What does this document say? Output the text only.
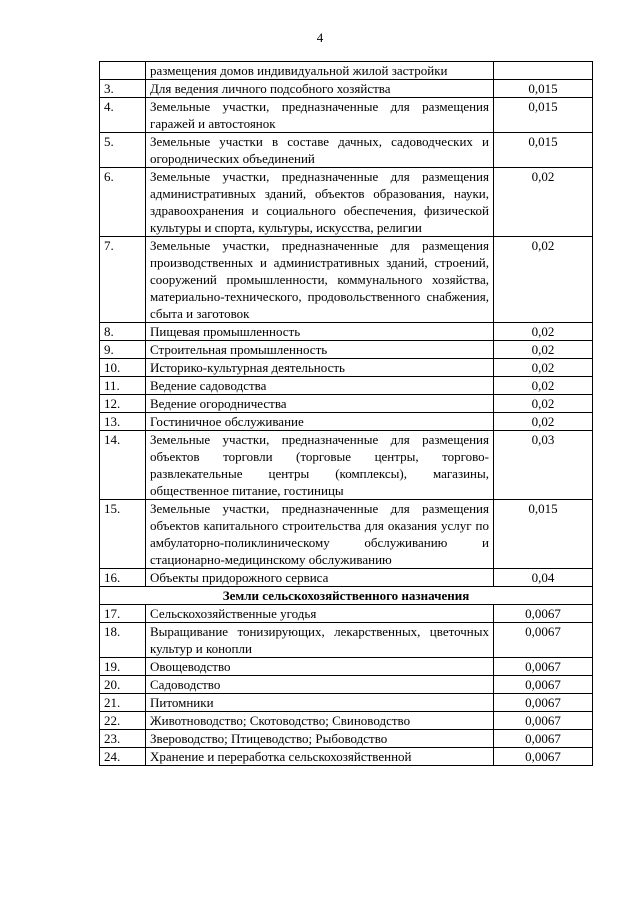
4
	размещения домов индивидуальной жилой застройки	
3.	Для ведения личного подсобного хозяйства	0,015
4.	Земельные участки, предназначенные для размещения гаражей и автостоянок	0,015
5.	Земельные участки в составе дачных, садоводческих и огороднических объединений	0,015
6.	Земельные участки, предназначенные для размещения административных зданий, объектов образования, науки, здравоохранения и социального обеспечения, физической культуры и спорта, культуры, искусства, религии	0,02
7.	Земельные участки, предназначенные для размещения производственных и административных зданий, строений, сооружений промышленности, коммунального хозяйства, материально-технического, продовольственного снабжения, сбыта и заготовок	0,02
8.	Пищевая промышленность	0,02
9.	Строительная промышленность	0,02
10.	Историко-культурная деятельность	0,02
11.	Ведение садоводства	0,02
12.	Ведение огородничества	0,02
13.	Гостиничное обслуживание	0,02
14.	Земельные участки, предназначенные для размещения объектов торговли (торговые центры, торгово-развлекательные центры (комплексы), магазины, общественное питание, гостиницы	0,03
15.	Земельные участки, предназначенные для размещения объектов капитального строительства для оказания услуг по амбулаторно-поликлиническому обслуживанию и стационарно-медицинскому обслуживанию	0,015
16.	Объекты придорожного сервиса	0,04
Земли сельскохозяйственного назначения		
17.	Сельскохозяйственные угодья	0,0067
18.	Выращивание тонизирующих, лекарственных, цветочных культур и конопли	0,0067
19.	Овощеводство	0,0067
20.	Садоводство	0,0067
21.	Питомники	0,0067
22.	Животноводство; Скотоводство; Свиноводство	0,0067
23.	Звероводство; Птицеводство; Рыбоводство	0,0067
24.	Хранение и переработка сельскохозяйственной	0,0067
